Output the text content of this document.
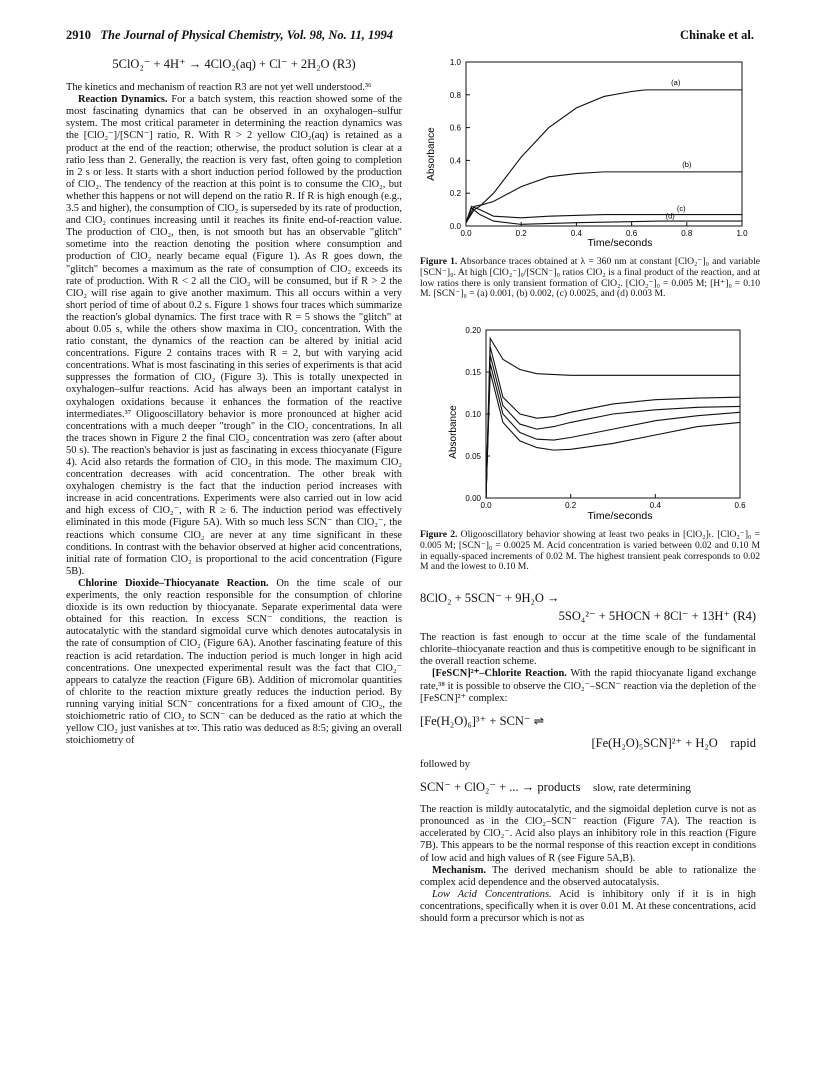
2910 The Journal of Physical Chemistry, Vol. 98, No. 11, 1994	Chinake et al.
5ClO₂⁻ + 4H⁺ → 4ClO₂(aq) + Cl⁻ + 2H₂O (R3)

The kinetics and mechanism of reaction R3 are not yet well understood.³⁶

Reaction Dynamics. For a batch system, this reaction showed some of the most fascinating dynamics that can be observed in an oxyhalogen–sulfur system. The most critical parameter in determining the reaction dynamics was the [ClO₂⁻]/[SCN⁻] ratio, R. With R > 2 yellow ClO₂(aq) is retained as a product at the end of the reaction; otherwise, the product solution is clear at a ratio less than 2. Generally, the reaction is very fast, often going to completion in 2 s or less. It starts with a short induction period followed by the production of ClO₂. The tendency of the reaction at this point is to consume the ClO₂, but whether this happens or not will depend on the ratio R. If R is high enough (e.g., 3.5 and higher), the consumption of ClO₂ is superseded by its rate of production, and ClO₂ continues increasing until it reaches its finite end-of-reaction value. The production of ClO₂, then, is not smooth but has an observable "glitch" sometime into the reaction denoting the position where consumption and production of ClO₂ nearly became equal (Figure 1). As R goes down, the "glitch" becomes a maximum as the rate of consumption of ClO₂ exceeds its rate of production. With R < 2 all the ClO₂ will be consumed, but if R > 2 the ClO₂ will rise again to give another maximum. This all occurs within a very short period of time of about 0.2 s. Figure 1 shows four traces which summarize the reaction's global dynamics. The first trace with R = 5 shows the "glitch" at about 0.05 s, while the others show maxima in ClO₂ concentration. With the ratio constant, the dynamics of the reaction can be altered by initial acid concentrations. Figure 2 contains traces with R = 2, but with varying acid concentrations. What is most fascinating in this series of experiments is that acid suppresses the formation of ClO₂ (Figure 3). This is totally unexpected in oxyhalogen–sulfur reactions. Acid has always been an important catalyst in oxyhalogen oxidations because it enhances the formation of the reactive intermediates.³⁷ Oligooscillatory behavior is more pronounced at higher acid concentrations with a much deeper "trough" in the ClO₂ concentrations. In all the traces shown in Figure 2 the final ClO₂ concentration was zero (after about 50 s). The reaction's behavior is just as fascinating in excess thiocyanate (Figure 4). Acid also retards the formation of ClO₂ in this mode. The maximum ClO₂ concentration decreases with acid concentration. The other break with oxyhalogen chemistry is the fact that the induction period increases with increase in acid concentrations. Experiments were also carried out in low acid and high excess of ClO₂⁻, with R ≥ 6. The induction period was effectively eliminated in this mode (Figure 5A). With so much less SCN⁻ than ClO₂⁻, the reactions which consume ClO₂ are never at any time significant in these conditions. In contrast with the behavior observed at higher acid concentrations, initial rate of formation ClO₂ is proportional to the acid concentration (Figure 5B).

Chlorine Dioxide–Thiocyanate Reaction. On the time scale of our experiments, the only reaction responsible for the consumption of chlorine dioxide is its own reduction by thiocyanate. Separate experimental data were obtained for this reaction. In excess SCN⁻ conditions, the reaction is autocatalytic with the standard sigmoidal curve which denotes autocatalysis in the rate of consumption of ClO₂ (Figure 6A). Another fascinating feature of this reaction is acid retardation. The induction period is much longer in high acid concentrations. One unexpected experimental result was the fact that ClO₂⁻ appears to catalyze the reaction (Figure 6B). Addition of micromolar quantities of chlorite to the reaction mixture greatly reduces the induction period. By running varying initial SCN⁻ concentrations for a fixed amount of ClO₂, the stoichiometric ratio of ClO₂ to SCN⁻ can be deduced as the ratio at which the yellow ClO₂ just vanishes at t∞. This ratio was deduced as 8:5; giving an overall stoichiometry of

0.0
0.2
0.4
0.6
0.8
1.0
0.0	0.2	0.4	0.6	0.8	1.0
(a)
(b)
(c)
(d)
Absorbance
Time/seconds
Figure 1. Absorbance traces obtained at λ = 360 nm at constant [ClO₂⁻]₀ and variable [SCN⁻]₀. At high [ClO₂⁻]₀/[SCN⁻]₀ ratios ClO₂ is a final product of the reaction, and at low ratios there is only transient formation of ClO₂. [ClO₂⁻]₀ = 0.005 M; [H⁺]₀ = 0.10 M. [SCN⁻]₀ = (a) 0.001, (b) 0.002, (c) 0.0025, and (d) 0.003 M.
0.00
0.05
0.10
0.15
0.20
0.0	0.2	0.4	0.6
Absorbance
Time/seconds
Figure 2. Oligooscillatory behavior showing at least two peaks in [ClO₂]ₜ. [ClO₂⁻]₀ = 0.005 M; [SCN⁻]₀ = 0.0025 M. Acid concentration is varied between 0.02 and 0.10 M in equally-spaced increments of 0.02 M. The highest transient peak corresponds to 0.02 M and the lowest to 0.10 M.
8ClO₂ + 5SCN⁻ + 9H₂O →
5SO₄²⁻ + 5HOCN + 8Cl⁻ + 13H⁺ (R4)

The reaction is fast enough to occur at the time scale of the fundamental chlorite–thiocyanate reaction and thus is competitive enough to be significant in the overall reaction scheme.

[FeSCN]²⁺–Chlorite Reaction. With the rapid thiocyanate ligand exchange rate,³⁸ it is possible to observe the ClO₂⁻–SCN⁻ reaction via the depletion of the [FeSCN]²⁺ complex:

[Fe(H₂O)₆]³⁺ + SCN⁻ ⇌
[Fe(H₂O)₅SCN]²⁺ + H₂O rapid

followed by

SCN⁻ + ClO₂⁻ + ... → products slow, rate determining

The reaction is mildly autocatalytic, and the sigmoidal depletion curve is not as pronounced as in the ClO₂–SCN⁻ reaction (Figure 7A). The reaction is accelerated by ClO₂⁻. Acid also plays an inhibitory role in this reaction (Figure 7B). This appears to be the normal response of this reaction except in conditions of low acid and high values of R (see Figure 5A,B).

Mechanism. The derived mechanism should be able to rationalize the complex acid dependence and the observed autocatalysis.

Low Acid Concentrations. Acid is inhibitory only if it is in high concentrations, specifically when it is over 0.01 M. At these concentrations, acid should form a precursor which is not as
